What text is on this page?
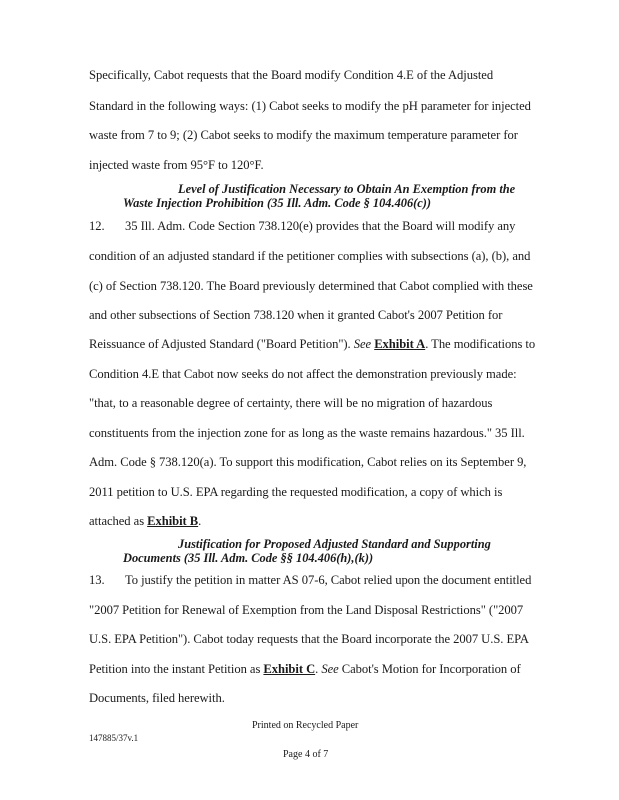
Specifically, Cabot requests that the Board modify Condition 4.E of the Adjusted
Standard in the following ways: (1) Cabot seeks to modify the pH parameter for injected
waste from 7 to 9; (2) Cabot seeks to modify the maximum temperature parameter for
injected waste from 95°F to 120°F.
Level of Justification Necessary to Obtain An Exemption from the
Waste Injection Prohibition (35 Ill. Adm. Code § 104.406(c))
12. 35 Ill. Adm. Code Section 738.120(e) provides that the Board will modify any
condition of an adjusted standard if the petitioner complies with subsections (a), (b), and
(c) of Section 738.120. The Board previously determined that Cabot complied with these
and other subsections of Section 738.120 when it granted Cabot's 2007 Petition for
Reissuance of Adjusted Standard ("Board Petition"). See Exhibit A. The modifications to
Condition 4.E that Cabot now seeks do not affect the demonstration previously made:
"that, to a reasonable degree of certainty, there will be no migration of hazardous
constituents from the injection zone for as long as the waste remains hazardous." 35 Ill.
Adm. Code § 738.120(a). To support this modification, Cabot relies on its September 9,
2011 petition to U.S. EPA regarding the requested modification, a copy of which is
attached as Exhibit B.
Justification for Proposed Adjusted Standard and Supporting
Documents (35 Ill. Adm. Code §§ 104.406(h),(k))
13. To justify the petition in matter AS 07-6, Cabot relied upon the document entitled
"2007 Petition for Renewal of Exemption from the Land Disposal Restrictions" ("2007
U.S. EPA Petition"). Cabot today requests that the Board incorporate the 2007 U.S. EPA
Petition into the instant Petition as Exhibit C. See Cabot's Motion for Incorporation of
Documents, filed herewith.
Printed on Recycled Paper
147885/37v.1
Page 4 of 7
